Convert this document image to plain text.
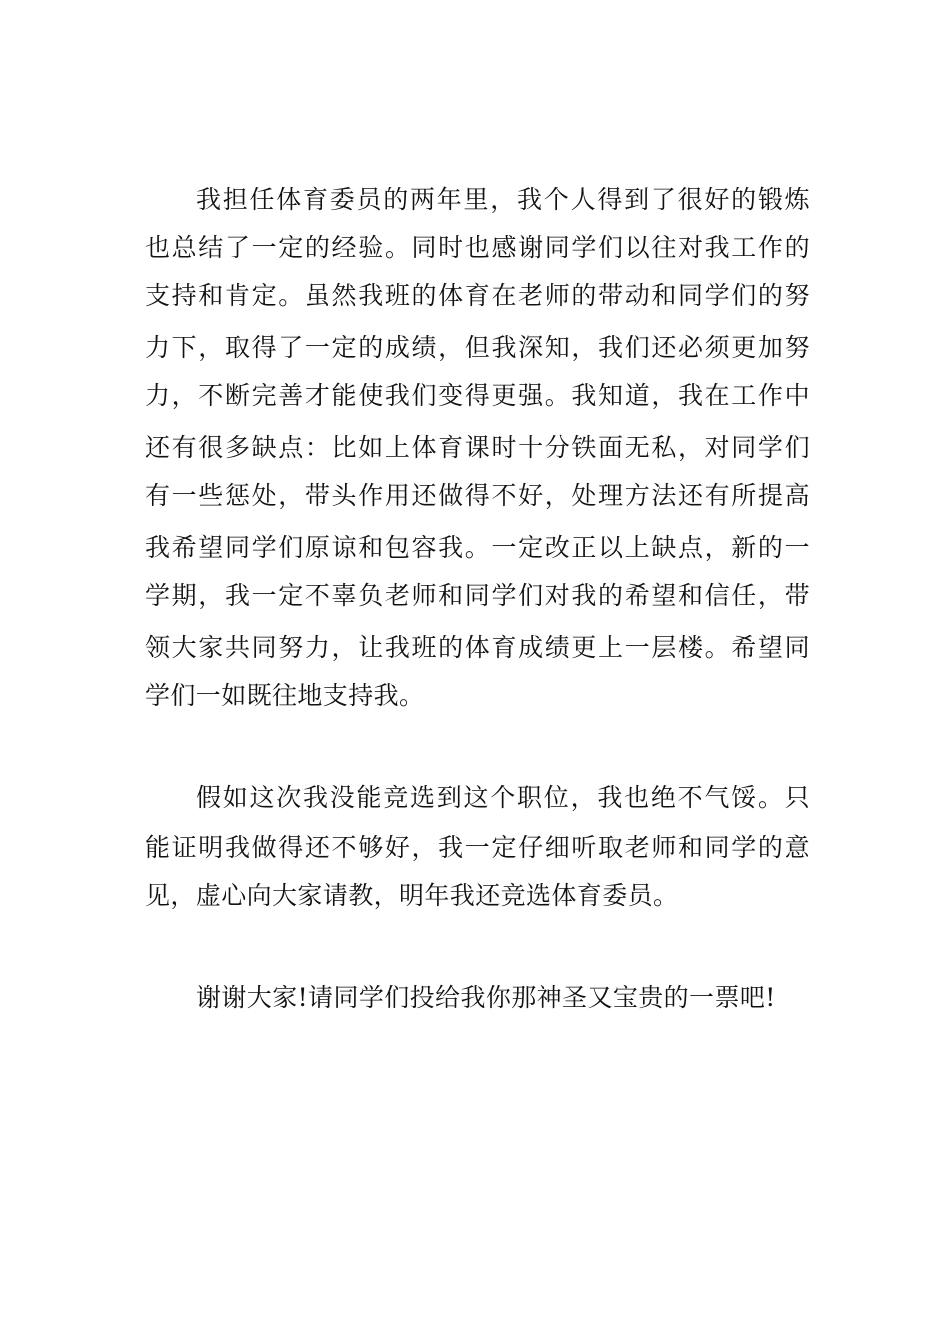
我担任体育委员的两年里，我个人得到了很好的锻炼
也总结了一定的经验。同时也感谢同学们以往对我工作的
支持和肯定。虽然我班的体育在老师的带动和同学们的努
力下，取得了一定的成绩，但我深知，我们还必须更加努
力，不断完善才能使我们变得更强。我知道，我在工作中
还有很多缺点：比如上体育课时十分铁面无私，对同学们
有一些惩处，带头作用还做得不好，处理方法还有所提高
我希望同学们原谅和包容我。一定改正以上缺点，新的一
学期，我一定不辜负老师和同学们对我的希望和信任，带
领大家共同努力，让我班的体育成绩更上一层楼。希望同
学们一如既往地支持我。
假如这次我没能竞选到这个职位，我也绝不气馁。只
能证明我做得还不够好，我一定仔细听取老师和同学的意
见，虚心向大家请教，明年我还竞选体育委员。
谢谢大家!请同学们投给我你那神圣又宝贵的一票吧!
